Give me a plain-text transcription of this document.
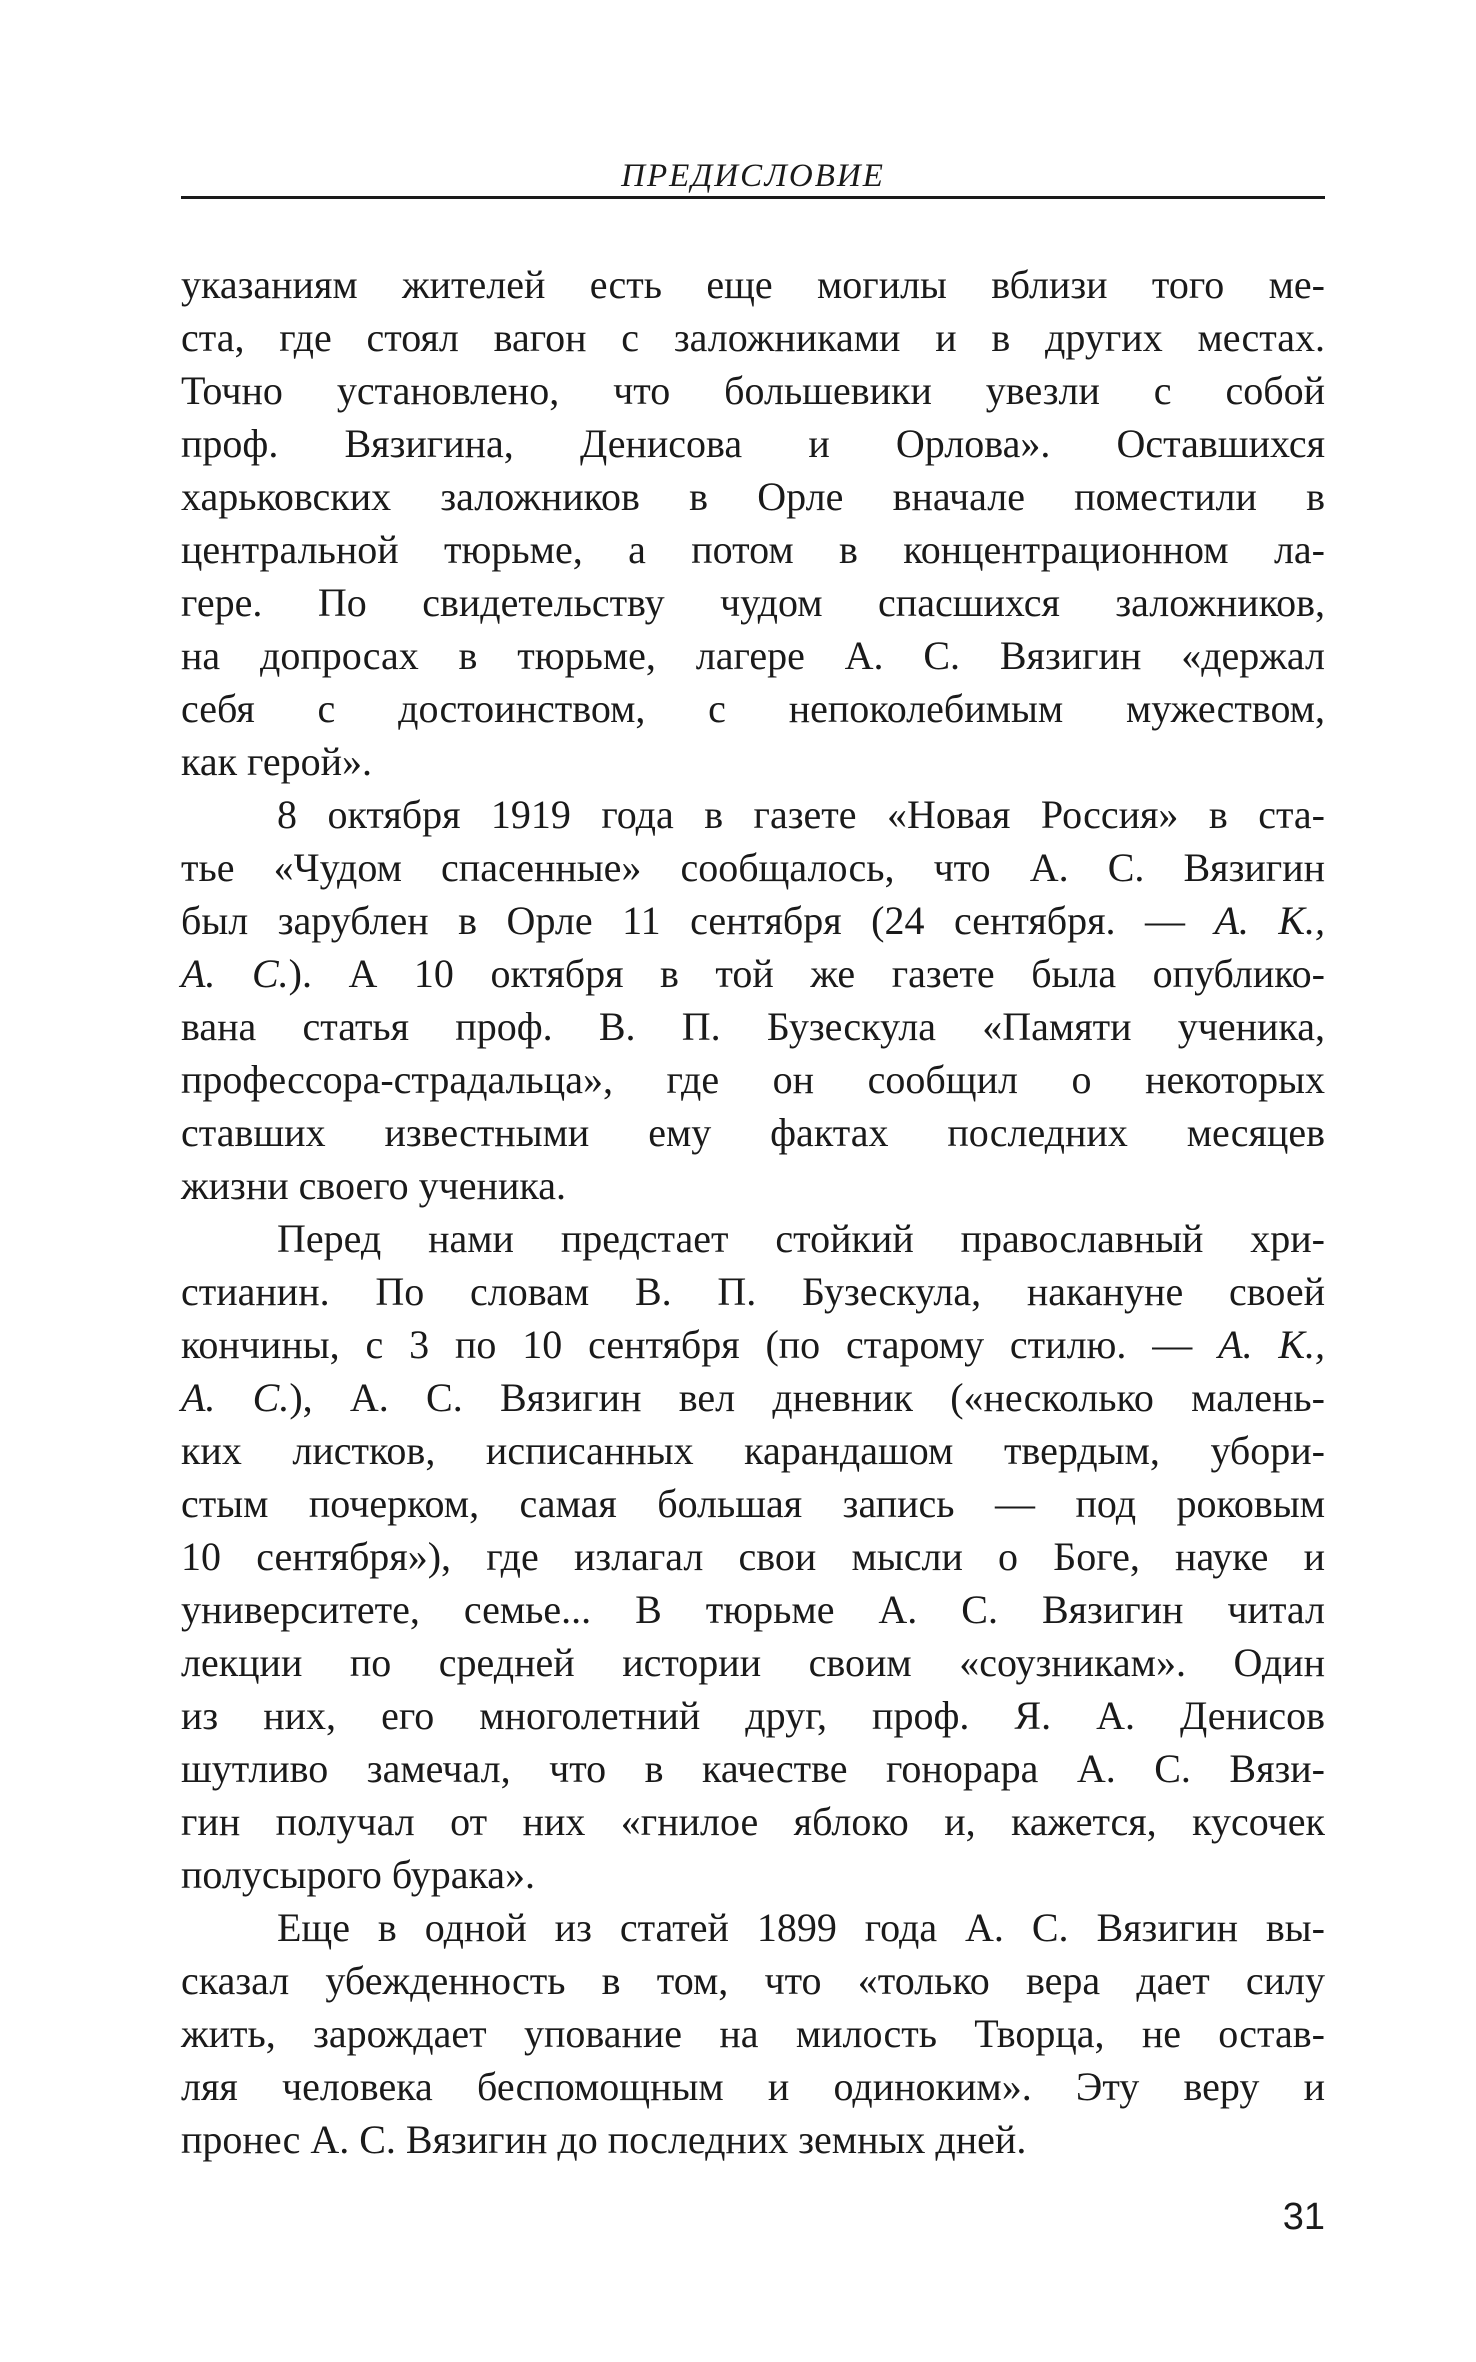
ПРЕДИСЛОВИЕ
указаниям жителей есть еще могилы вблизи того ме-
ста, где стоял вагон с заложниками и в других местах.
Точно установлено, что большевики увезли с собой
проф. Вязигина, Денисова и Орлова». Оставшихся
харьковских заложников в Орле вначале поместили в
центральной тюрьме, а потом в концентрационном ла-
гере. По свидетельству чудом спасшихся заложников,
на допросах в тюрьме, лагере А. С. Вязигин «держал
себя с достоинством, с непоколебимым мужеством,
как герой».
8 октября 1919 года в газете «Новая Россия» в ста-
тье «Чудом спасенные» сообщалось, что А. С. Вязигин
был зарублен в Орле 11 сентября (24 сентября. — А. К.,
А. С.). А 10 октября в той же газете была опублико-
вана статья проф. В. П. Бузескула «Памяти ученика,
профессора-страдальца», где он сообщил о некоторых
ставших известными ему фактах последних месяцев
жизни своего ученика.
Перед нами предстает стойкий православный хри-
стианин. По словам В. П. Бузескула, накануне своей
кончины, с 3 по 10 сентября (по старому стилю. — А. К.,
А. С.), А. С. Вязигин вел дневник («несколько малень-
ких листков, исписанных карандашом твердым, убори-
стым почерком, самая большая запись — под роковым
10 сентября»), где излагал свои мысли о Боге, науке и
университете, семье... В тюрьме А. С. Вязигин читал
лекции по средней истории своим «соузникам». Один
из них, его многолетний друг, проф. Я. А. Денисов
шутливо замечал, что в качестве гонорара А. С. Вязи-
гин получал от них «гнилое яблоко и, кажется, кусочек
полусырого бурака».
Еще в одной из статей 1899 года А. С. Вязигин вы-
сказал убежденность в том, что «только вера дает силу
жить, зарождает упование на милость Творца, не остав-
ляя человека беспомощным и одиноким». Эту веру и
пронес А. С. Вязигин до последних земных дней.
31
